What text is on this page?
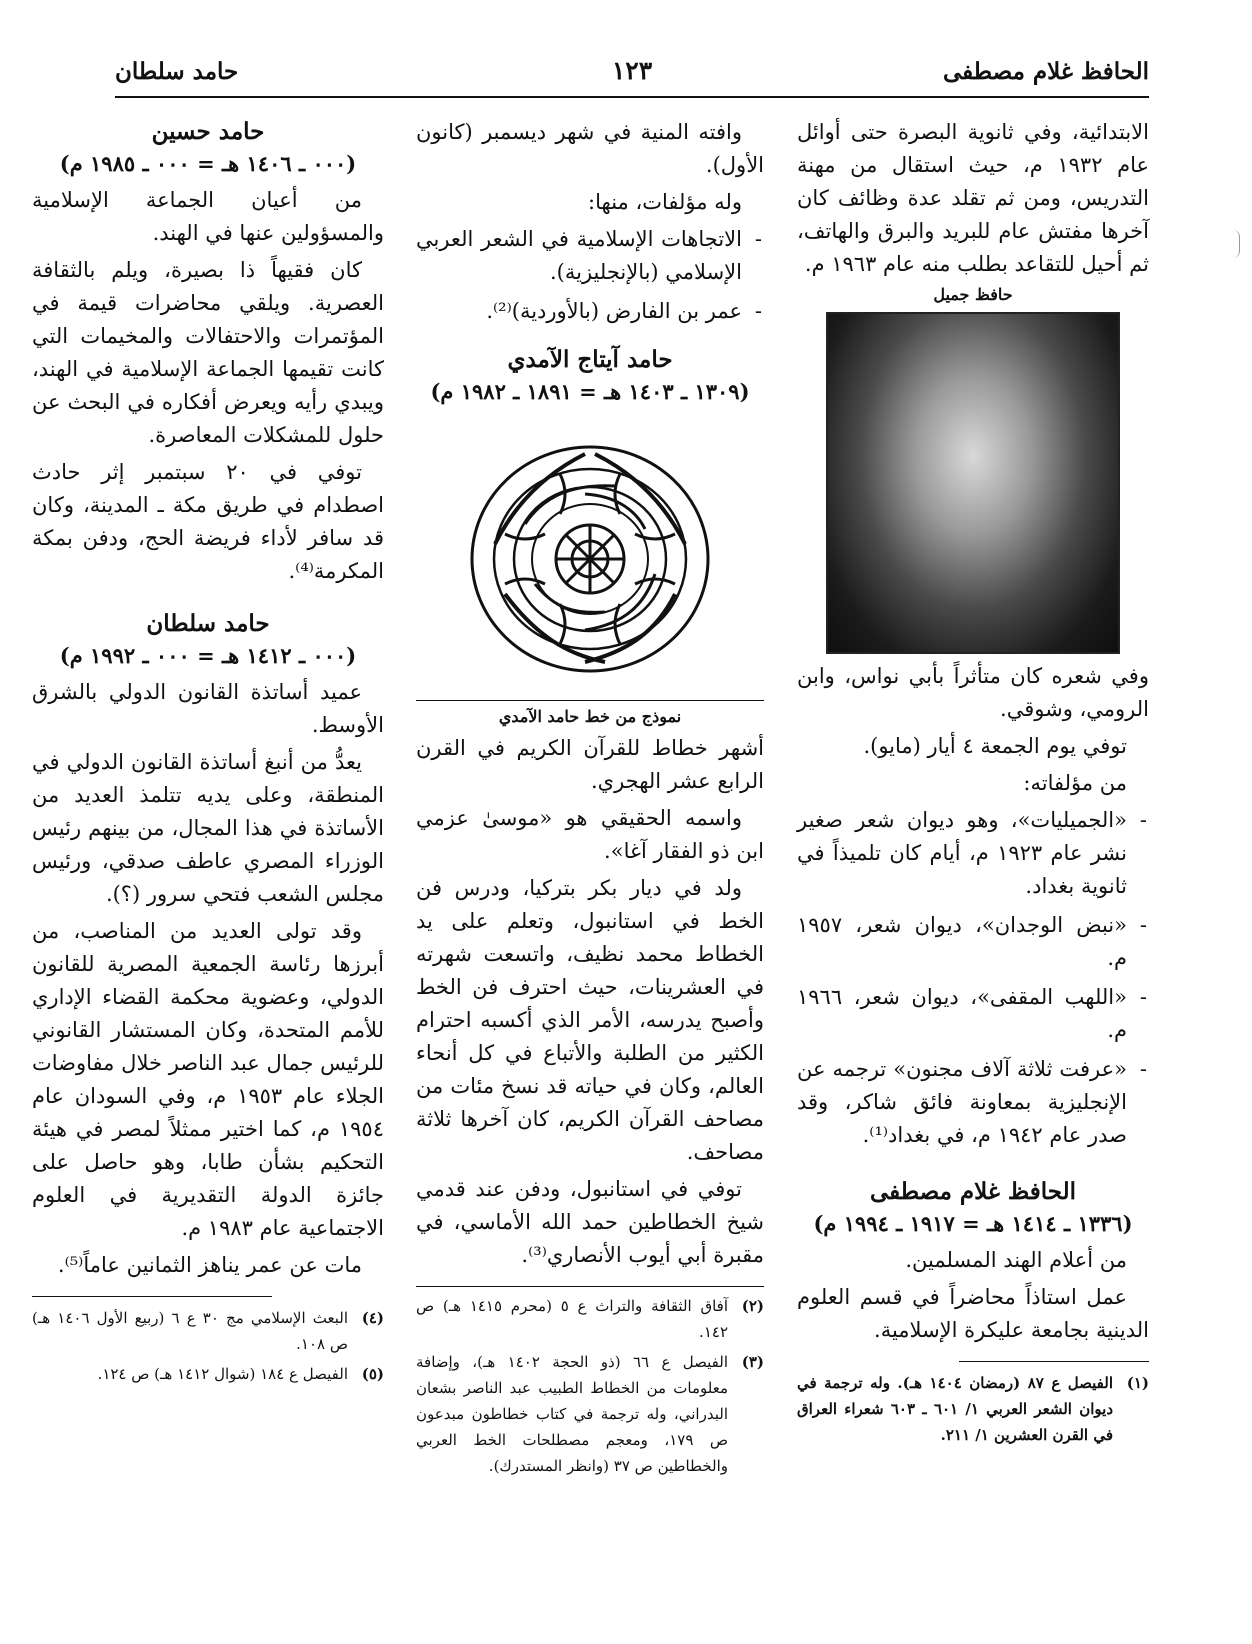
الحافظ غلام مصطفى
١٢٣
حامد سلطان

الابتدائية، وفي ثانوية البصرة حتى أوائل عام ١٩٣٢ م، حيث استقال من مهنة التدريس، ومن ثم تقلد عدة وظائف كان آخرها مفتش عام للبريد والبرق والهاتف، ثم أحيل للتقاعد بطلب منه عام ١٩٦٣ م.

حافظ جميل

وفي شعره كان متأثراً بأبي نواس، وابن الرومي، وشوقي.

توفي يوم الجمعة ٤ أيار (مايو).

من مؤلفاته:

- «الجميليات»، وهو ديوان شعر صغير نشر عام ١٩٢٣ م، أيام كان تلميذاً في ثانوية بغداد.
- «نبض الوجدان»، ديوان شعر، ١٩٥٧ م.
- «اللهب المقفى»، ديوان شعر، ١٩٦٦ م.
- «عرفت ثلاثة آلاف مجنون» ترجمه عن الإنجليزية بمعاونة فائق شاكر، وقد صدر عام ١٩٤٢ م، في بغداد⁽¹⁾.
الحافظ غلام مصطفى
(١٣٣٦ ـ ١٤١٤ هـ = ١٩١٧ ـ ١٩٩٤ م)

من أعلام الهند المسلمين.

عمل استاذاً محاضراً في قسم العلوم الدينية بجامعة عليكرة الإسلامية.

(١)
الفيصل ع ٨٧ (رمضان ١٤٠٤ هـ). وله ترجمة في ديوان الشعر العربي ١/ ٦٠١ ـ ٦٠٣ شعراء العراق في القرن العشرين ١/ ٢١١.

وافته المنية في شهر ديسمبر (كانون الأول).

وله مؤلفات، منها:

- الاتجاهات الإسلامية في الشعر العربي الإسلامي (بالإنجليزية).
- عمر بن الفارض (بالأوردية)⁽²⁾.
حامد آيتاج الآمدي
(١٣٠٩ ـ ١٤٠٣ هـ = ١٨٩١ ـ ١٩٨٢ م)
نموذج من خط حامد الآمدي

أشهر خطاط للقرآن الكريم في القرن الرابع عشر الهجري.

واسمه الحقيقي هو «موسىٰ عزمي ابن ذو الفقار آغا».

ولد في ديار بكر بتركيا، ودرس فن الخط في استانبول، وتعلم على يد الخطاط محمد نظيف، واتسعت شهرته في العشرينات، حيث احترف فن الخط وأصبح يدرسه، الأمر الذي أكسبه احترام الكثير من الطلبة والأتباع في كل أنحاء العالم، وكان في حياته قد نسخ مئات من مصاحف القرآن الكريم، كان آخرها ثلاثة مصاحف.

توفي في استانبول، ودفن عند قدمي شيخ الخطاطين حمد الله الأماسي، في مقبرة أبي أيوب الأنصاري⁽³⁾.

(٢)
آفاق الثقافة والتراث ع ٥ (محرم ١٤١٥ هـ) ص ١٤٢.
(٣)
الفيصل ع ٦٦ (ذو الحجة ١٤٠٢ هـ)، وإضافة معلومات من الخطاط الطبيب عبد الناصر بشعان البدراني، وله ترجمة في كتاب خطاطون مبدعون ص ١٧٩، ومعجم مصطلحات الخط العربي والخطاطين ص ٣٧ (وانظر المستدرك).
حامد حسين
(٠٠٠ ـ ١٤٠٦ هـ = ٠٠٠ ـ ١٩٨٥ م)

من أعيان الجماعة الإسلامية والمسؤولين عنها في الهند.

كان فقيهاً ذا بصيرة، ويلم بالثقافة العصرية. ويلقي محاضرات قيمة في المؤتمرات والاحتفالات والمخيمات التي كانت تقيمها الجماعة الإسلامية في الهند، ويبدي رأيه ويعرض أفكاره في البحث عن حلول للمشكلات المعاصرة.

توفي في ٢٠ سبتمبر إثر حادث اصطدام في طريق مكة ـ المدينة، وكان قد سافر لأداء فريضة الحج، ودفن بمكة المكرمة⁽⁴⁾.

حامد سلطان
(٠٠٠ ـ ١٤١٢ هـ = ٠٠٠ ـ ١٩٩٢ م)

عميد أساتذة القانون الدولي بالشرق الأوسط.

يعدُّ من أنبغ أساتذة القانون الدولي في المنطقة، وعلى يديه تتلمذ العديد من الأساتذة في هذا المجال، من بينهم رئيس الوزراء المصري عاطف صدقي، ورئيس مجلس الشعب فتحي سرور (؟).

وقد تولى العديد من المناصب، من أبرزها رئاسة الجمعية المصرية للقانون الدولي، وعضوية محكمة القضاء الإداري للأمم المتحدة، وكان المستشار القانوني للرئيس جمال عبد الناصر خلال مفاوضات الجلاء عام ١٩٥٣ م، وفي السودان عام ١٩٥٤ م، كما اختير ممثلاً لمصر في هيئة التحكيم بشأن طابا، وهو حاصل على جائزة الدولة التقديرية في العلوم الاجتماعية عام ١٩٨٣ م.

مات عن عمر يناهز الثمانين عاماً⁽⁵⁾.

(٤)
البعث الإسلامي مج ٣٠ ع ٦ (ربيع الأول ١٤٠٦ هـ) ص ١٠٨.
(٥)
الفيصل ع ١٨٤ (شوال ١٤١٢ هـ) ص ١٢٤.
